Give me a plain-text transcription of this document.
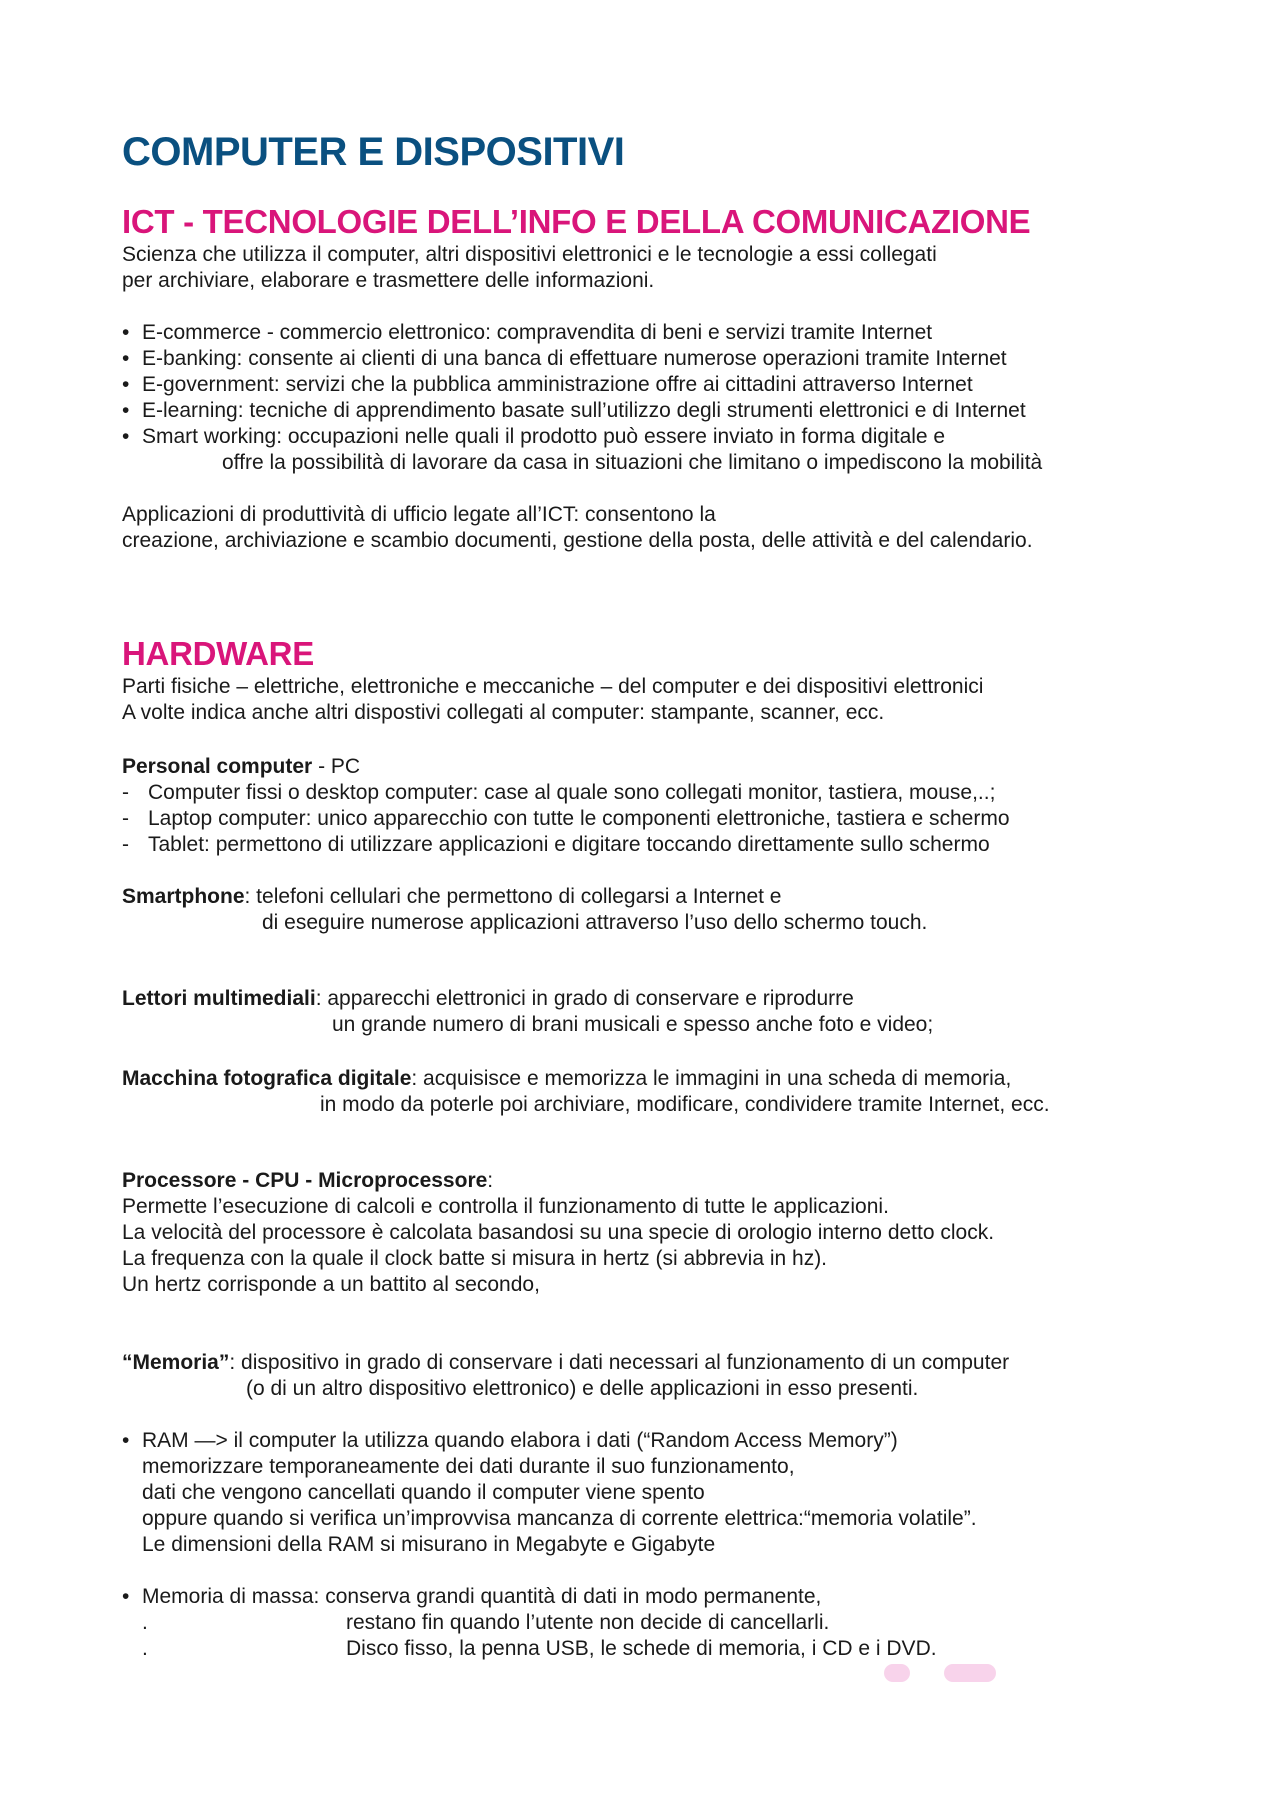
COMPUTER E DISPOSITIVI
ICT - TECNOLOGIE DELL’INFO E DELLA COMUNICAZIONE
Scienza che utilizza il computer, altri dispositivi elettronici e le tecnologie a essi collegati
per archiviare, elaborare e trasmettere delle informazioni.
• E-commerce - commercio elettronico: compravendita di beni e servizi tramite Internet
• E-banking: consente ai clienti di una banca di effettuare numerose operazioni tramite Internet
• E-government: servizi che la pubblica amministrazione offre ai cittadini attraverso Internet
• E-learning: tecniche di apprendimento basate sull’utilizzo degli strumenti elettronici e di Internet
• Smart working: occupazioni nelle quali il prodotto può essere inviato in forma digitale e
offre la possibilità di lavorare da casa in situazioni che limitano o impediscono la mobilità
Applicazioni di produttività di ufficio legate all’ICT: consentono la
creazione, archiviazione e scambio documenti, gestione della posta, delle attività e del calendario.
HARDWARE
Parti fisiche – elettriche, elettroniche e meccaniche – del computer e dei dispositivi elettronici
A volte indica anche altri dispostivi collegati al computer: stampante, scanner, ecc.
Personal computer - PC
- Computer fissi o desktop computer: case al quale sono collegati monitor, tastiera, mouse,..;
- Laptop computer: unico apparecchio con tutte le componenti elettroniche, tastiera e schermo
- Tablet: permettono di utilizzare applicazioni e digitare toccando direttamente sullo schermo
Smartphone: telefoni cellulari che permettono di collegarsi a Internet e
di eseguire numerose applicazioni attraverso l’uso dello schermo touch.
Lettori multimediali: apparecchi elettronici in grado di conservare e riprodurre
un grande numero di brani musicali e spesso anche foto e video;
Macchina fotografica digitale: acquisisce e memorizza le immagini in una scheda di memoria,
in modo da poterle poi archiviare, modificare, condividere tramite Internet, ecc.
Processore - CPU - Microprocessore:
Permette l’esecuzione di calcoli e controlla il funzionamento di tutte le applicazioni.
La velocità del processore è calcolata basandosi su una specie di orologio interno detto clock.
La frequenza con la quale il clock batte si misura in hertz (si abbrevia in hz).
Un hertz corrisponde a un battito al secondo,
“Memoria”: dispositivo in grado di conservare i dati necessari al funzionamento di un computer
(o di un altro dispositivo elettronico) e delle applicazioni in esso presenti.
• RAM —> il computer la utilizza quando elabora i dati (“Random Access Memory”)
memorizzare temporaneamente dei dati durante il suo funzionamento,
dati che vengono cancellati quando il computer viene spento
oppure quando si verifica un’improvvisa mancanza di corrente elettrica:“memoria volatile”.
Le dimensioni della RAM si misurano in Megabyte e Gigabyte
• Memoria di massa: conserva grandi quantità di dati in modo permanente,
.	restano fin quando l’utente non decide di cancellarli.
.	Disco fisso, la penna USB, le schede di memoria, i CD e i DVD.
